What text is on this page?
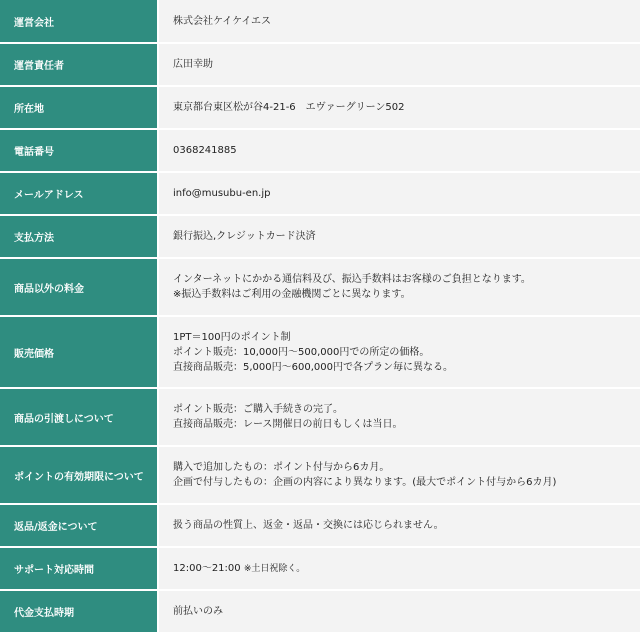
運営会社	株式会社ケイケイエス

運営責任者	広田幸助

所在地	東京都台東区松が谷4-21-6　エヴァーグリーン502

電話番号	0368241885

メールアドレス	info@musubu-en.jp

支払方法	銀行振込,クレジットカード決済

商品以外の料金	インターネットにかかる通信料及び、振込手数料はお客様のご負担となります。
※振込手数料はご利用の金融機関ごとに異なります。

販売価格	1PT＝100円のポイント制
ポイント販売：10,000円〜500,000円での所定の価格。
直接商品販売：5,000円〜600,000円で各プラン毎に異なる。

商品の引渡しについて	ポイント販売：ご購入手続きの完了。
直接商品販売：レース開催日の前日もしくは当日。

ポイントの有効期限について	購入で追加したもの：ポイント付与から6カ月。
企画で付与したもの：企画の内容により異なります。(最大でポイント付与から6カ月)

返品/返金について	扱う商品の性質上、返金・返品・交換には応じられません。

サポート対応時間	12:00〜21:00 ※土日祝除く。

代金支払時期	前払いのみ
